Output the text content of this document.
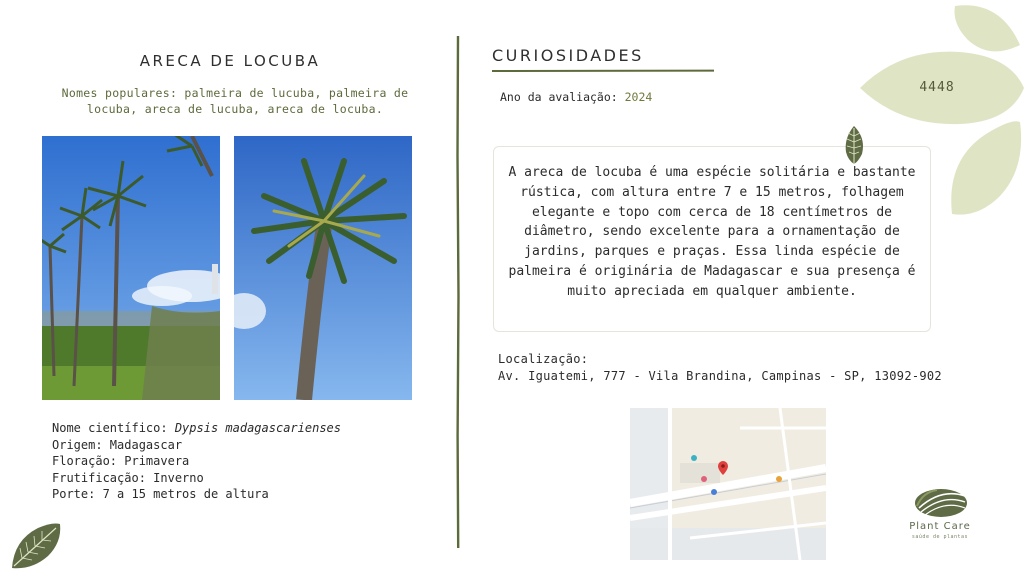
ARECA DE LOCUBA
Nomes populares: palmeira de lucuba, palmeira de
locuba, areca de lucuba, areca de locuba.
Nome científico: Dypsis madagascarienses
Origem: Madagascar
Floração: Primavera
Frutificação: Inverno
Porte: 7 a 15 metros de altura
CURIOSIDADES
Ano da avaliação: 2024
A areca de locuba é uma espécie solitária e bastante rústica, com altura entre 7 e 15 metros, folhagem elegante e topo com cerca de 18 centímetros de diâmetro, sendo excelente para a ornamentação de jardins, parques e praças. Essa linda espécie de palmeira é originária de Madagascar e sua presença é muito apreciada em qualquer ambiente.
Localização:
Av. Iguatemi, 777 - Vila Brandina, Campinas - SP, 13092-902
4448
Plant Care
saúde de plantas
